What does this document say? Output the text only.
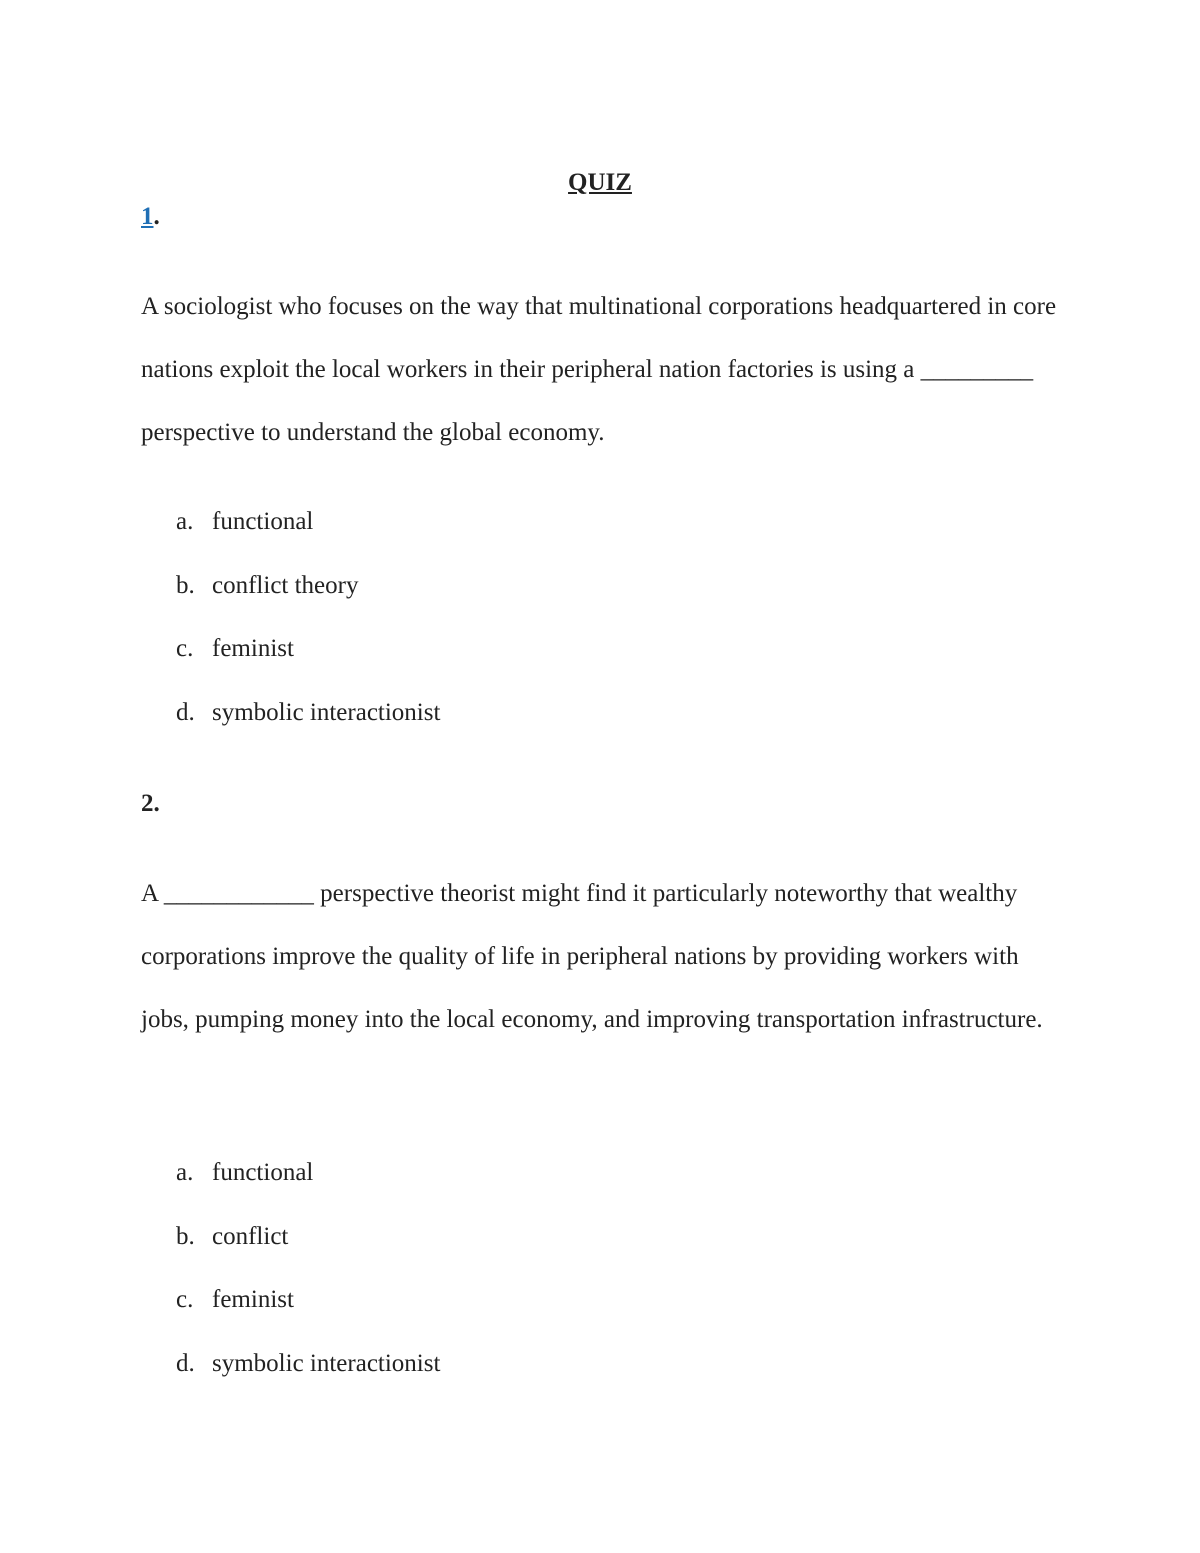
QUIZ
1.

A sociologist who focuses on the way that multinational corporations headquartered in core nations exploit the local workers in their peripheral nation factories is using a _________ perspective to understand the global economy.

a. functional
b. conflict theory
c. feminist
d. symbolic interactionist
2.

A ____________ perspective theorist might find it particularly noteworthy that wealthy corporations improve the quality of life in peripheral nations by providing workers with jobs, pumping money into the local economy, and improving transportation infrastructure.

a. functional
b. conflict
c. feminist
d. symbolic interactionist
